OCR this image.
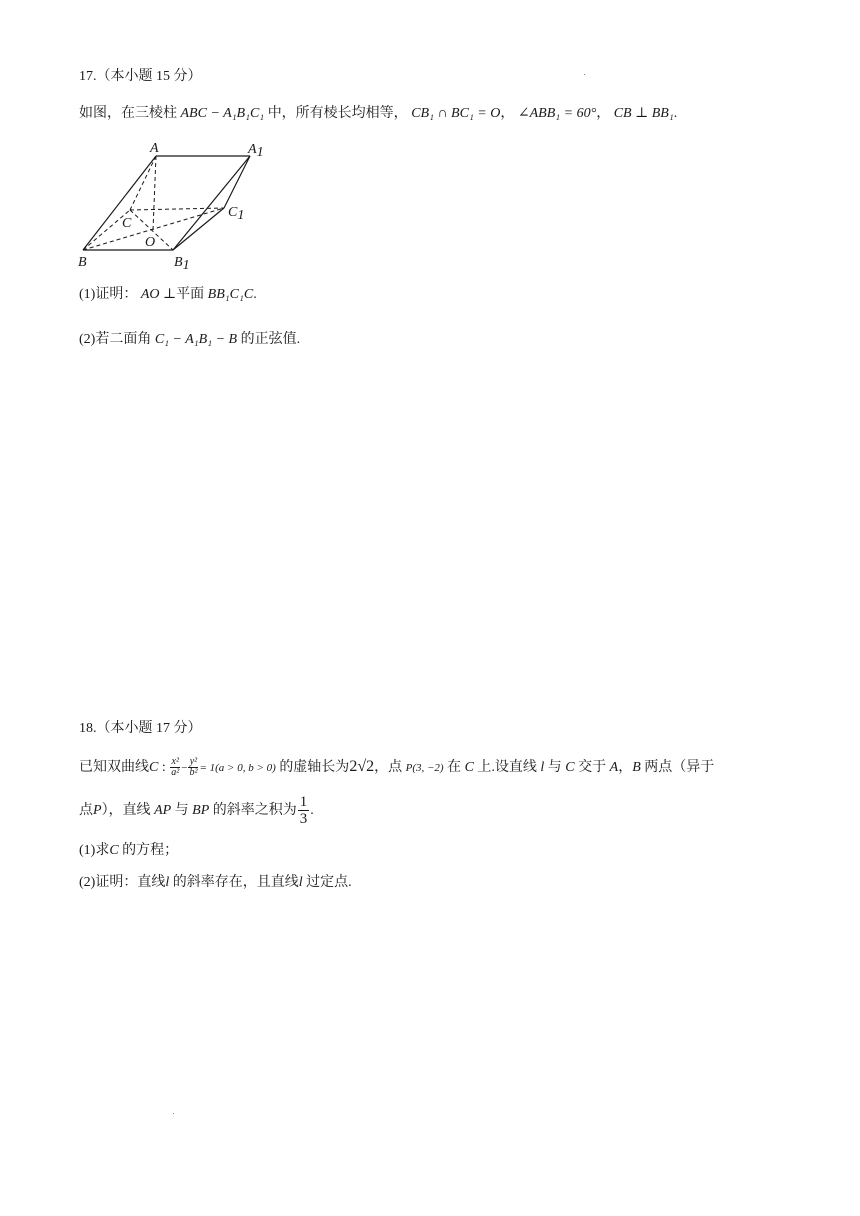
17.（本小题 15 分）
如图，在三棱柱 ABC − A₁B₁C₁ 中，所有棱长均相等， CB₁ ∩ BC₁ = O， ∠ABB₁ = 60°， CB ⊥ BB₁.
A	A1
C
C1
O
B	B1
(1)证明： AO ⊥平面 BB₁C₁C.
(2)若二面角 C₁ − A₁B₁ − B 的正弦值.
18.（本小题 17 分）
已知双曲线C : $\frac{\text{x²}}{\text{a²}} - \frac{\text{y²}}{\text{b²}} = 1(a > 0$, b > 0) 的虚轴长为2√2，点 P(3, −2) 在 C 上.设直线 l 与 C 交于 A，B 两点（异于
点P），直线 AP 与 BP 的斜率之积为 $\frac{1}{3}$ .
(1)求C 的方程；
(2)证明：直线l 的斜率存在，且直线l 过定点.
